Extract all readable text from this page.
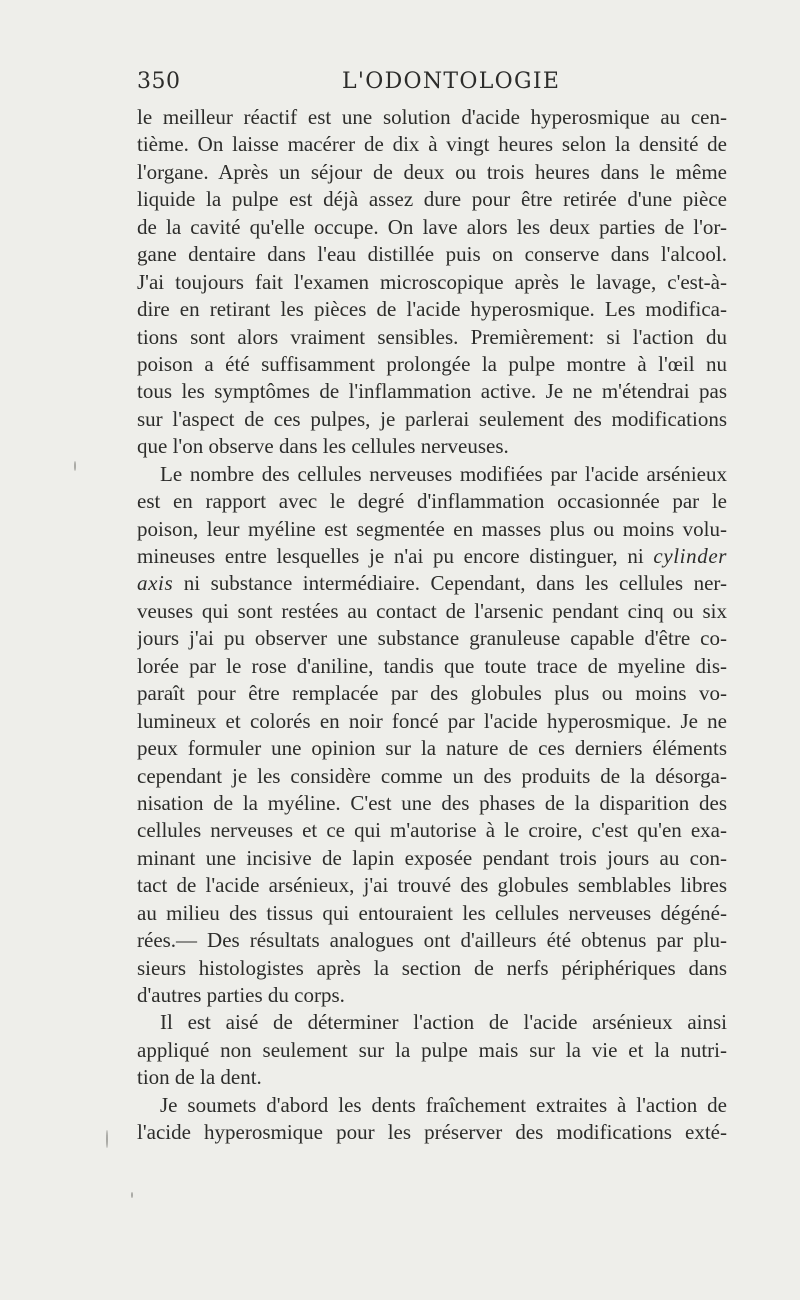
350	L'ODONTOLOGIE
le meilleur réactif est une solution d'acide hyperosmique au cen-
tième. On laisse macérer de dix à vingt heures selon la densité de
l'organe. Après un séjour de deux ou trois heures dans le même
liquide la pulpe est déjà assez dure pour être retirée d'une pièce
de la cavité qu'elle occupe. On lave alors les deux parties de l'or-
gane dentaire dans l'eau distillée puis on conserve dans l'alcool.
J'ai toujours fait l'examen microscopique après le lavage, c'est-à-
dire en retirant les pièces de l'acide hyperosmique. Les modifica-
tions sont alors vraiment sensibles. Premièrement: si l'action du
poison a été suffisamment prolongée la pulpe montre à l'œil nu
tous les symptômes de l'inflammation active. Je ne m'étendrai pas
sur l'aspect de ces pulpes, je parlerai seulement des modifications
que l'on observe dans les cellules nerveuses.
Le nombre des cellules nerveuses modifiées par l'acide arsénieux
est en rapport avec le degré d'inflammation occasionnée par le
poison, leur myéline est segmentée en masses plus ou moins volu-
mineuses entre lesquelles je n'ai pu encore distinguer, ni cylinder
axis ni substance intermédiaire. Cependant, dans les cellules ner-
veuses qui sont restées au contact de l'arsenic pendant cinq ou six
jours j'ai pu observer une substance granuleuse capable d'être co-
lorée par le rose d'aniline, tandis que toute trace de myeline dis-
paraît pour être remplacée par des globules plus ou moins vo-
lumineux et colorés en noir foncé par l'acide hyperosmique. Je ne
peux formuler une opinion sur la nature de ces derniers éléments
cependant je les considère comme un des produits de la désorga-
nisation de la myéline. C'est une des phases de la disparition des
cellules nerveuses et ce qui m'autorise à le croire, c'est qu'en exa-
minant une incisive de lapin exposée pendant trois jours au con-
tact de l'acide arsénieux, j'ai trouvé des globules semblables libres
au milieu des tissus qui entouraient les cellules nerveuses dégéné-
rées.— Des résultats analogues ont d'ailleurs été obtenus par plu-
sieurs histologistes après la section de nerfs périphériques dans
d'autres parties du corps.
Il est aisé de déterminer l'action de l'acide arsénieux ainsi
appliqué non seulement sur la pulpe mais sur la vie et la nutri-
tion de la dent.
Je soumets d'abord les dents fraîchement extraites à l'action de
l'acide hyperosmique pour les préserver des modifications exté-
